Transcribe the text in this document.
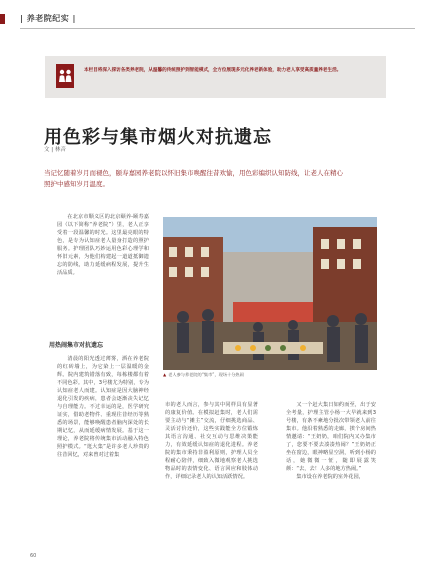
| 养老院纪实 |
本栏目将深入探访各类养老院，从温馨的传统照护到智能模式，全方位展现多元化养老新体验，助力老人享受高质量养老生活。
用色彩与集市烟火对抗遗忘
文 | 林音
当记忆随着岁月而褪色，颐寿嘉园养老院以怀旧集市唤醒往昔欢愉，用色彩编织认知防线，让老人在精心照护中感知岁月温度。

在北京市顺义区的北京颐养-颐寿嘉园（以下简称“养老院”）里，老人正享受着一段温馨的时光。这里最亮眼的特色，是专为认知症老人量身打造的照护服务。护理团队巧妙运用色彩心理学和怀旧元素，为他们构建起一道道抵御遗忘的防线，助力延缓病程发展，提升生活品质。

▲ 老人参与养老院的“集市”，现场十分热闹
用热闹集市对抗遗忘

清晨的阳光透过薄雾，洒在养老院的红砖墙上，为它染上一层温暖的金辉。院内建筑错落有致，每栋楼都有着不同色彩。其中，3号楼尤为特别，专为认知症老人而建。认知症是因大脑神经退化引发的疾病，患者会逐渐丧失记忆与自理能力。不过幸运的是，医学研究证实，借助老物件、重现往昔经历等熟悉的场景，能够唤醒患者脑内深处的长期记忆，从而延缓病情发展。基于这一理论，养老院将传统集市活动融入特色照护模式。“逛大集”是许多老人珍贵的往昔回忆，对来曾对过着集

市的老人而言，参与其中同样具有显著的康复价值。在模拟赶集时，老人们需要主动与“摊主”交流，仔细挑选商品、灵活讨价还价，这些实践能全方位锻炼其语言沟通、社交互动与思维决策能力，有效延缓认知症的退化进程。养老院的集市秉持非盈利原则，护理人员全程耐心陪伴，细致入微地观察老人挑选物品时的表情变化、语言回应和肢体动作，详细记录老人的认知活跃情况。

又一个赶大集日如约而至，出于安全考量，护理主管小杨一大早就来到3号楼，有条不紊地分批次带领老人前往集市。他沿着熟悉的走廊，挨个房间热情邀请：“王奶奶，咱们院内又办集市了，您要不要去凑凑热闹？”王奶奶正坐在窗边，眼神略显空洞，听到小杨的话，她微微一怔，随即展露笑颜：“去，去！人多的地方热闹。”

集市设在养老院的室外花园，

60
